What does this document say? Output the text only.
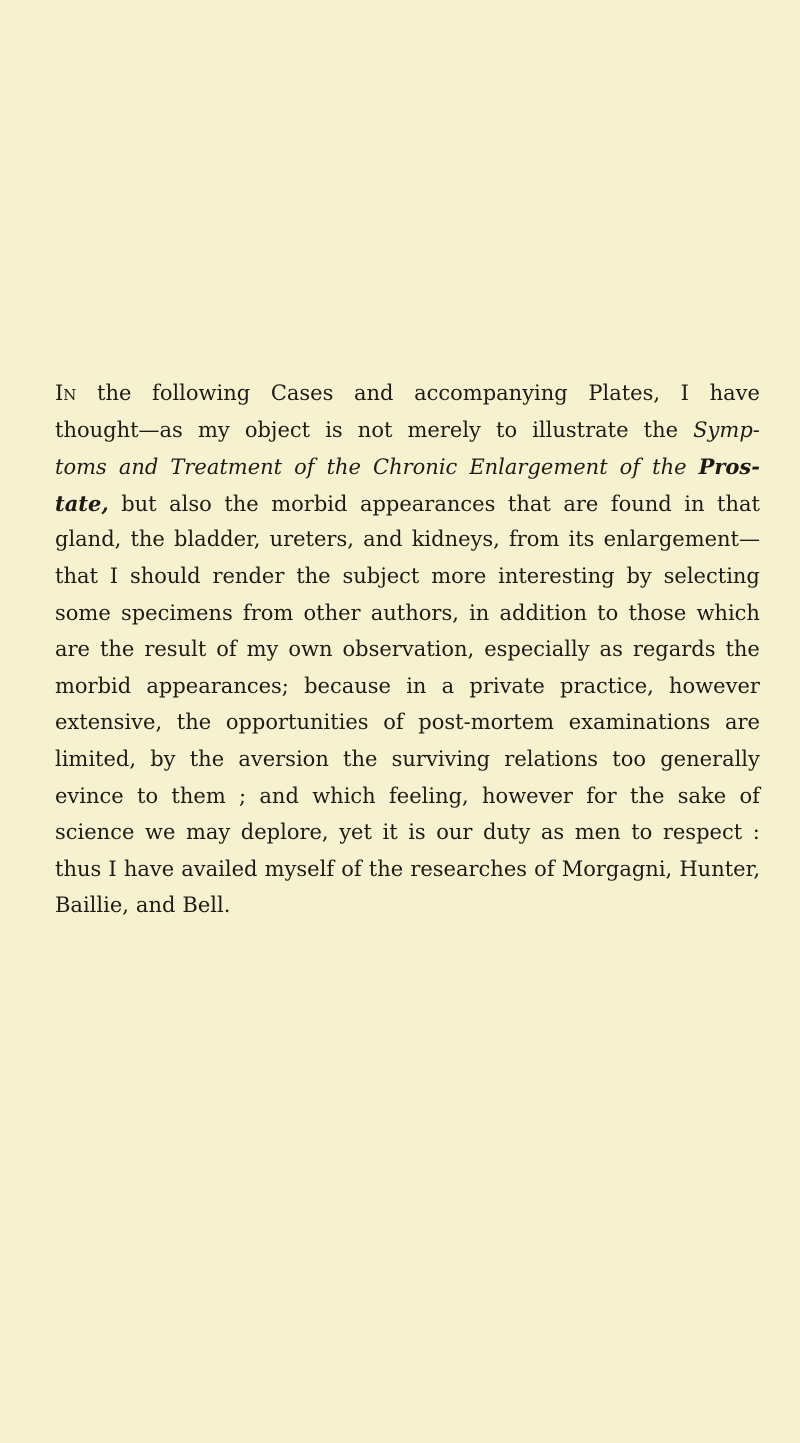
In the following Cases and accompanying Plates, I have
thought—as my object is not merely to illustrate the Symp-
toms and Treatment of the Chronic Enlargement of the Pros-
tate, but also the morbid appearances that are found in that
gland, the bladder, ureters, and kidneys, from its enlargement—
that I should render the subject more interesting by selecting
some specimens from other authors, in addition to those which
are the result of my own observation, especially as regards the
morbid appearances; because in a private practice, however
extensive, the opportunities of post-mortem examinations are
limited, by the aversion the surviving relations too generally
evince to them ; and which feeling, however for the sake of
science we may deplore, yet it is our duty as men to respect :
thus I have availed myself of the researches of Morgagni, Hunter,
Baillie, and Bell.
